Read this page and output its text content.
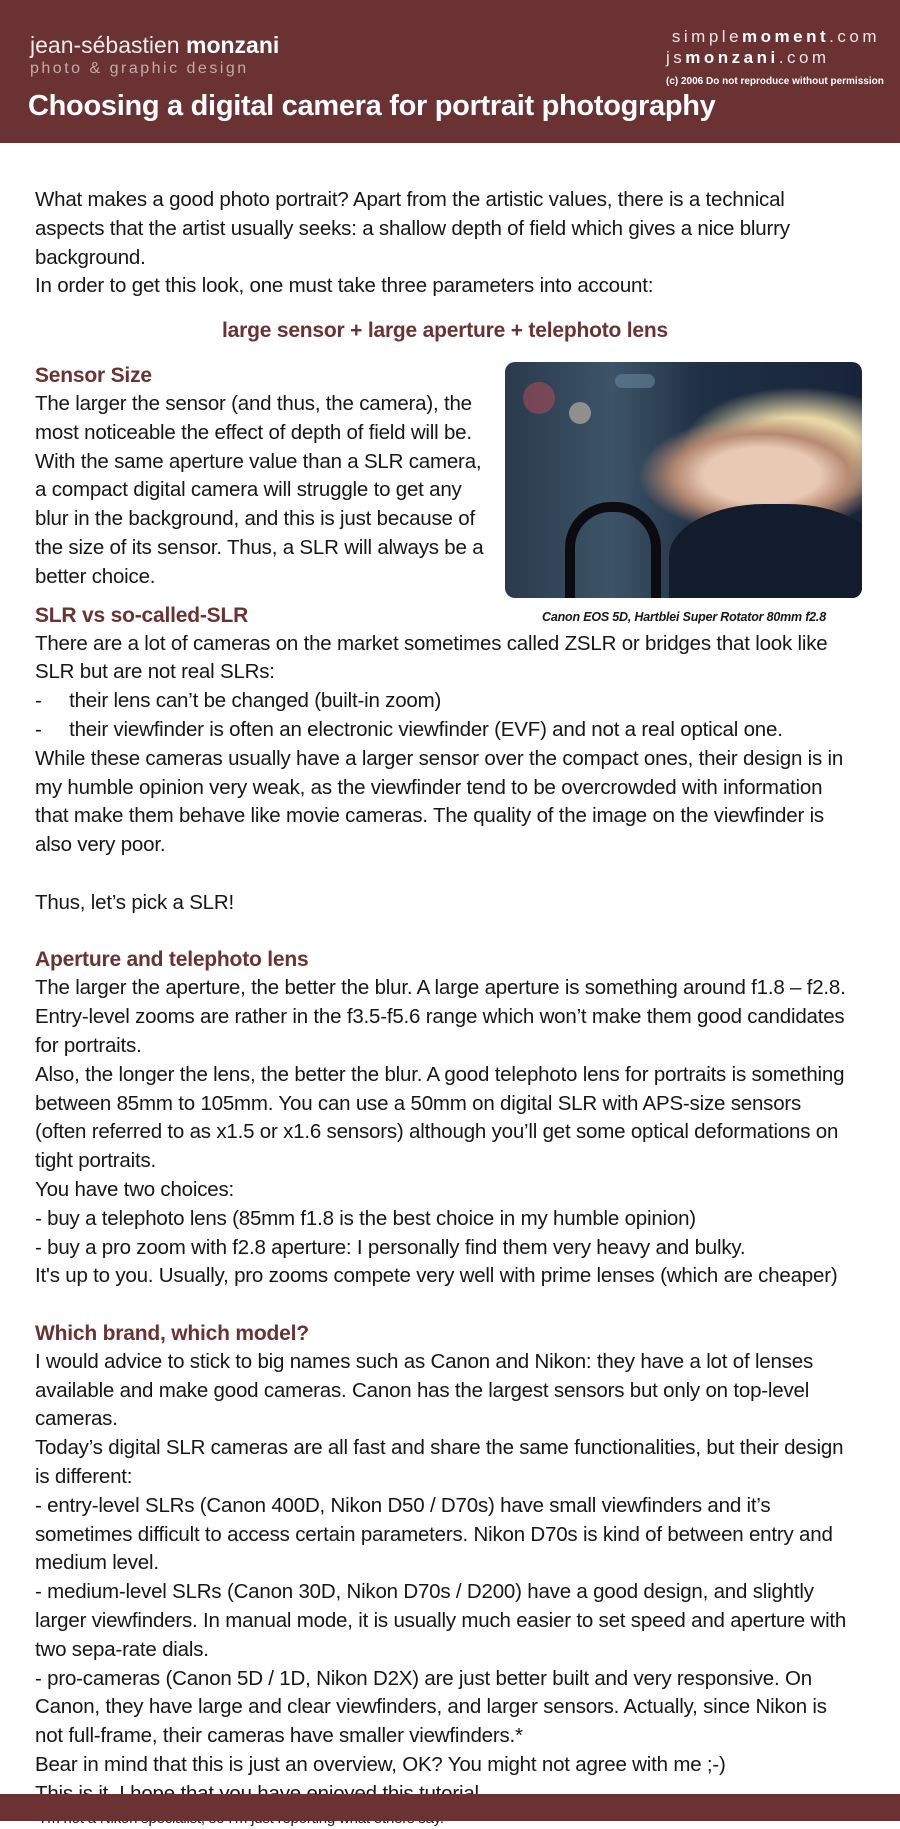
jean-sébastien monzani
photo & graphic design
simplemoment.com
jsmonzani.com
(c) 2006 Do not reproduce without permission
Choosing a digital camera for portrait photography

What makes a good photo portrait? Apart from the artistic values, there is a technical aspects that the artist usually seeks: a shallow depth of field which gives a nice blurry background.

In order to get this look, one must take three parameters into account:

large sensor + large aperture + telephoto lens
Canon EOS 5D, Hartblei Super Rotator 80mm f2.8
Sensor Size

The larger the sensor (and thus, the camera), the most noticeable the effect of depth of field will be. With the same aperture value than a SLR camera, a compact digital camera will struggle to get any blur in the background, and this is just because of the size of its sensor. Thus, a SLR will always be a better choice.

SLR vs so-called-SLR

There are a lot of cameras on the market sometimes called ZSLR or bridges that look like SLR but are not real SLRs:

-     their lens can’t be changed (built-in zoom)

-     their viewfinder is often an electronic viewfinder (EVF) and not a real optical one.

While these cameras usually have a larger sensor over the compact ones, their design is in my humble opinion very weak, as the viewfinder tend to be overcrowded with information that make them behave like movie cameras. The quality of the image on the viewfinder is also very poor.

Thus, let’s pick a SLR!

Aperture and telephoto lens

The larger the aperture, the better the blur. A large aperture is something around f1.8 – f2.8. Entry-level zooms are rather in the f3.5-f5.6 range which won’t make them good candidates for portraits.

Also, the longer the lens, the better the blur. A good telephoto lens for portraits is something between 85mm to 105mm. You can use a 50mm on digital SLR with APS-size sensors (often referred to as x1.5 or x1.6 sensors) although you’ll get some optical deformations on tight portraits.

You have two choices:

- buy a telephoto lens (85mm f1.8 is the best choice in my humble opinion)

- buy a pro zoom with f2.8 aperture: I personally find them very heavy and bulky.

It's up to you. Usually, pro zooms compete very well with prime lenses (which are cheaper)

Which brand, which model?

I would advice to stick to big names such as Canon and Nikon: they have a lot of lenses available and make good cameras. Canon has the largest sensors but only on top-level cameras.

Today’s digital SLR cameras are all fast and share the same functionalities, but their design is different:

- entry-level SLRs (Canon 400D, Nikon D50 / D70s) have small viewfinders and it’s sometimes difficult to access certain parameters. Nikon D70s is kind of between entry and medium level.

- medium-level SLRs (Canon 30D, Nikon D70s / D200) have a good design, and slightly larger viewfinders. In manual mode, it is usually much easier to set speed and aperture with two sepa-rate dials.

- pro-cameras (Canon 5D / 1D, Nikon D2X) are just better built and very responsive. On Canon, they have large and clear viewfinders, and larger sensors. Actually, since Nikon is not full-frame, their cameras have smaller viewfinders.*

Bear in mind that this is just an overview, OK? You might not agree with me ;-)
